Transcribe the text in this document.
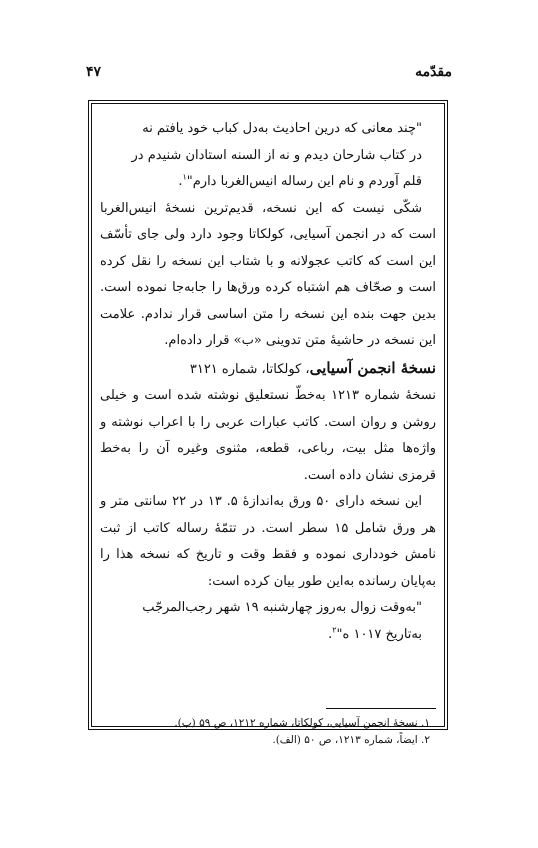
۴۷	مقدّمه

"چند معانی که درین احادیث به‌دل کباب خود یافتم نه
در کتاب شارحان دیدم و نه از السنه استادان شنیدم در
قلم آوردم و نام این رساله انیس‌الغربا دارم"$^۱$.

شکّی نیست که این نسخه، قدیم‌ترین نسخهٔ انیس‌الغربا است که در انجمن آسیایی، کولکاتا وجود دارد ولی جای تأسّف این است که کاتب عجولانه و با شتاب این نسخه را نقل کرده است و صحّاف هم اشتباه کرده ورق‌ها را جابه‌جا نموده است. بدین جهت بنده این نسخه را متن اساسی قرار ندادم. علامت این نسخه در حاشیهٔ متن تدوینی «ب» قرار داده‌ام.

نسخهٔ انجمن آسیایی، کولکاتا، شماره ۳۱۲۱

نسخهٔ شماره ۱۲۱۳ به‌خطّ نستعلیق نوشته شده است و خیلی روشن و روان است. کاتب عبارات عربی را با اعراب نوشته و واژه‌ها مثل بیت، رباعی، قطعه، مثنوی وغیره آن را به‌خط قرمزی نشان داده است.

این نسخه دارای ۵۰ ورق به‌اندازهٔ ۵. ۱۳ در ۲۲ سانتی متر و هر ورق شامل ۱۵ سطر است. در تتمّهٔ رساله کاتب از ثبت نامش خودداری نموده و فقط وقت و تاریخ که نسخه هذا را به‌پایان رسانده به‌این طور بیان کرده است:

"به‌وقت زوال به‌روز چهارشنبه ۱۹ شهر رجب‌المرجّب
به‌تاریخ ۱۰۱۷ ه"$^۲$.

۱. نسخهٔ انجمن آسیایی، کولکاتا، شماره ۱۲۱۲، ص ۵۹ (ب).

۲. ایضاً، شماره ۱۲۱۳، ص ۵۰ (الف).
